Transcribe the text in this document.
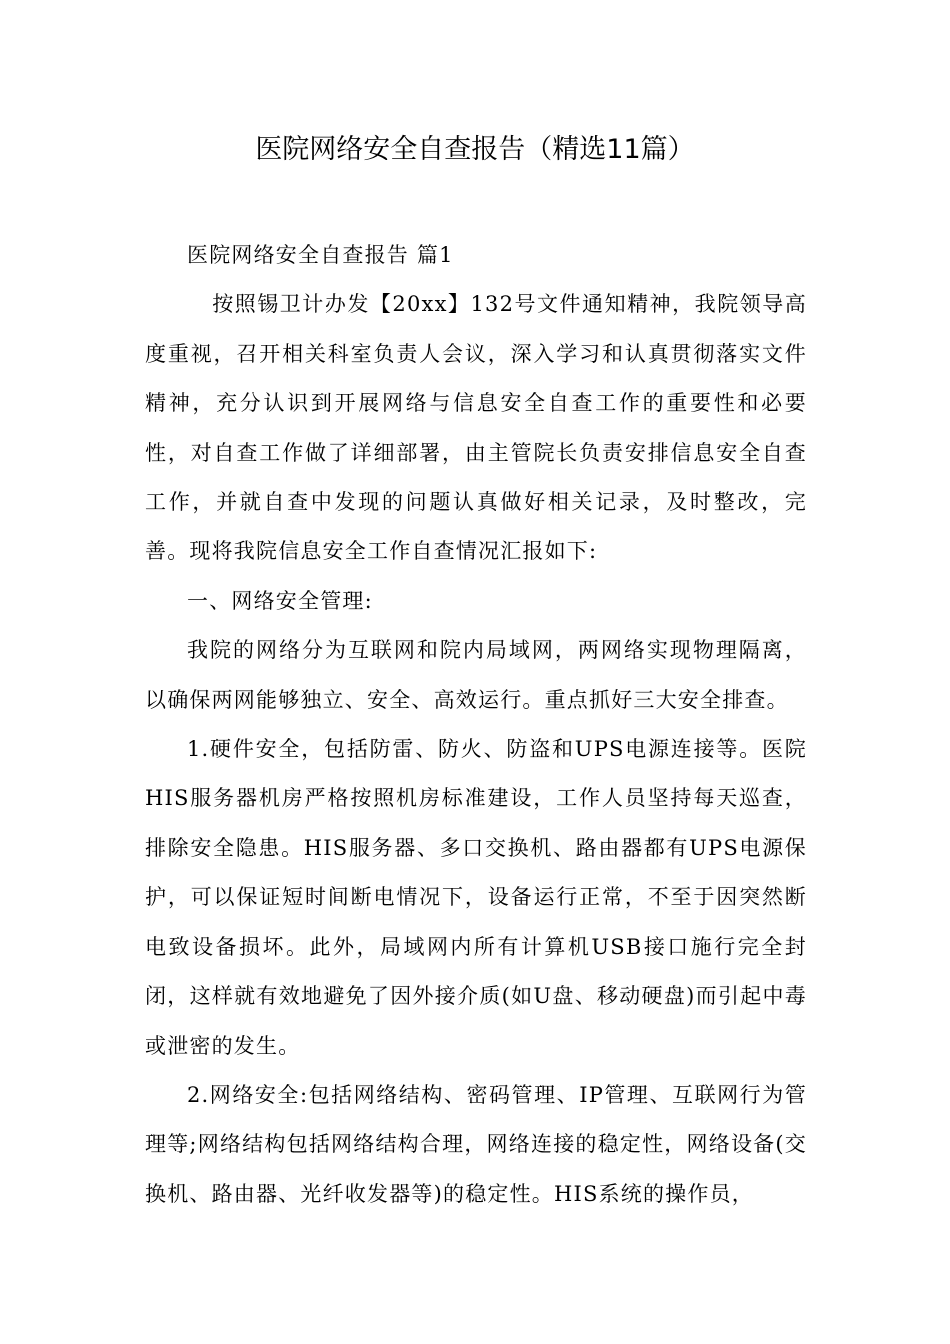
医院网络安全自查报告（精选11篇）

医院网络安全自查报告 篇1

按照锡卫计办发【20xx】132号文件通知精神，我院领导高度重视，召开相关科室负责人会议，深入学习和认真贯彻落实文件精神，充分认识到开展网络与信息安全自查工作的重要性和必要性，对自查工作做了详细部署，由主管院长负责安排信息安全自查工作，并就自查中发现的问题认真做好相关记录，及时整改，完善。现将我院信息安全工作自查情况汇报如下:

一、网络安全管理:

我院的网络分为互联网和院内局域网，两网络实现物理隔离，以确保两网能够独立、安全、高效运行。重点抓好三大安全排查。

1.硬件安全，包括防雷、防火、防盗和UPS电源连接等。医院HIS服务器机房严格按照机房标准建设，工作人员坚持每天巡查，排除安全隐患。HIS服务器、多口交换机、路由器都有UPS电源保护，可以保证短时间断电情况下，设备运行正常，不至于因突然断电致设备损坏。此外，局域网内所有计算机USB接口施行完全封闭，这样就有效地避免了因外接介质(如U盘、移动硬盘)而引起中毒或泄密的发生。

2.网络安全:包括网络结构、密码管理、IP管理、互联网行为管理等;网络结构包括网络结构合理，网络连接的稳定性，网络设备(交换机、路由器、光纤收发器等)的稳定性。HIS系统的操作员，
